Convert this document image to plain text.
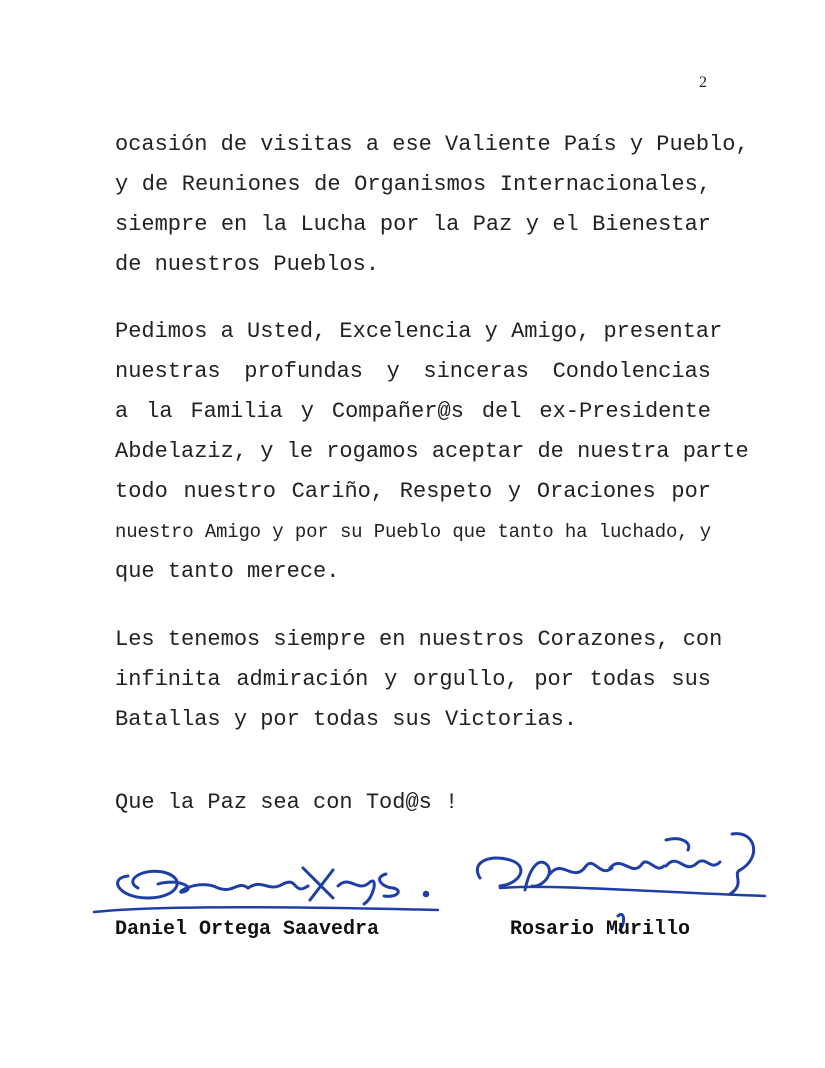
2
ocasión de visitas a ese Valiente País y Pueblo,
y de Reuniones de Organismos Internacionales,
siempre en la Lucha por la Paz y el Bienestar
de nuestros Pueblos.
Pedimos a Usted, Excelencia y Amigo, presentar
nuestras profundas y sinceras Condolencias
a la Familia y Compañer@s del ex-Presidente
Abdelaziz, y le rogamos aceptar de nuestra parte
todo nuestro Cariño, Respeto y Oraciones por
nuestro Amigo y por su Pueblo que tanto ha luchado, y
que tanto merece.
Les tenemos siempre en nuestros Corazones, con
infinita admiración y orgullo, por todas sus
Batallas y por todas sus Victorias.
Que la Paz sea con Tod@s !
Daniel Ortega Saavedra	Rosario Murillo
